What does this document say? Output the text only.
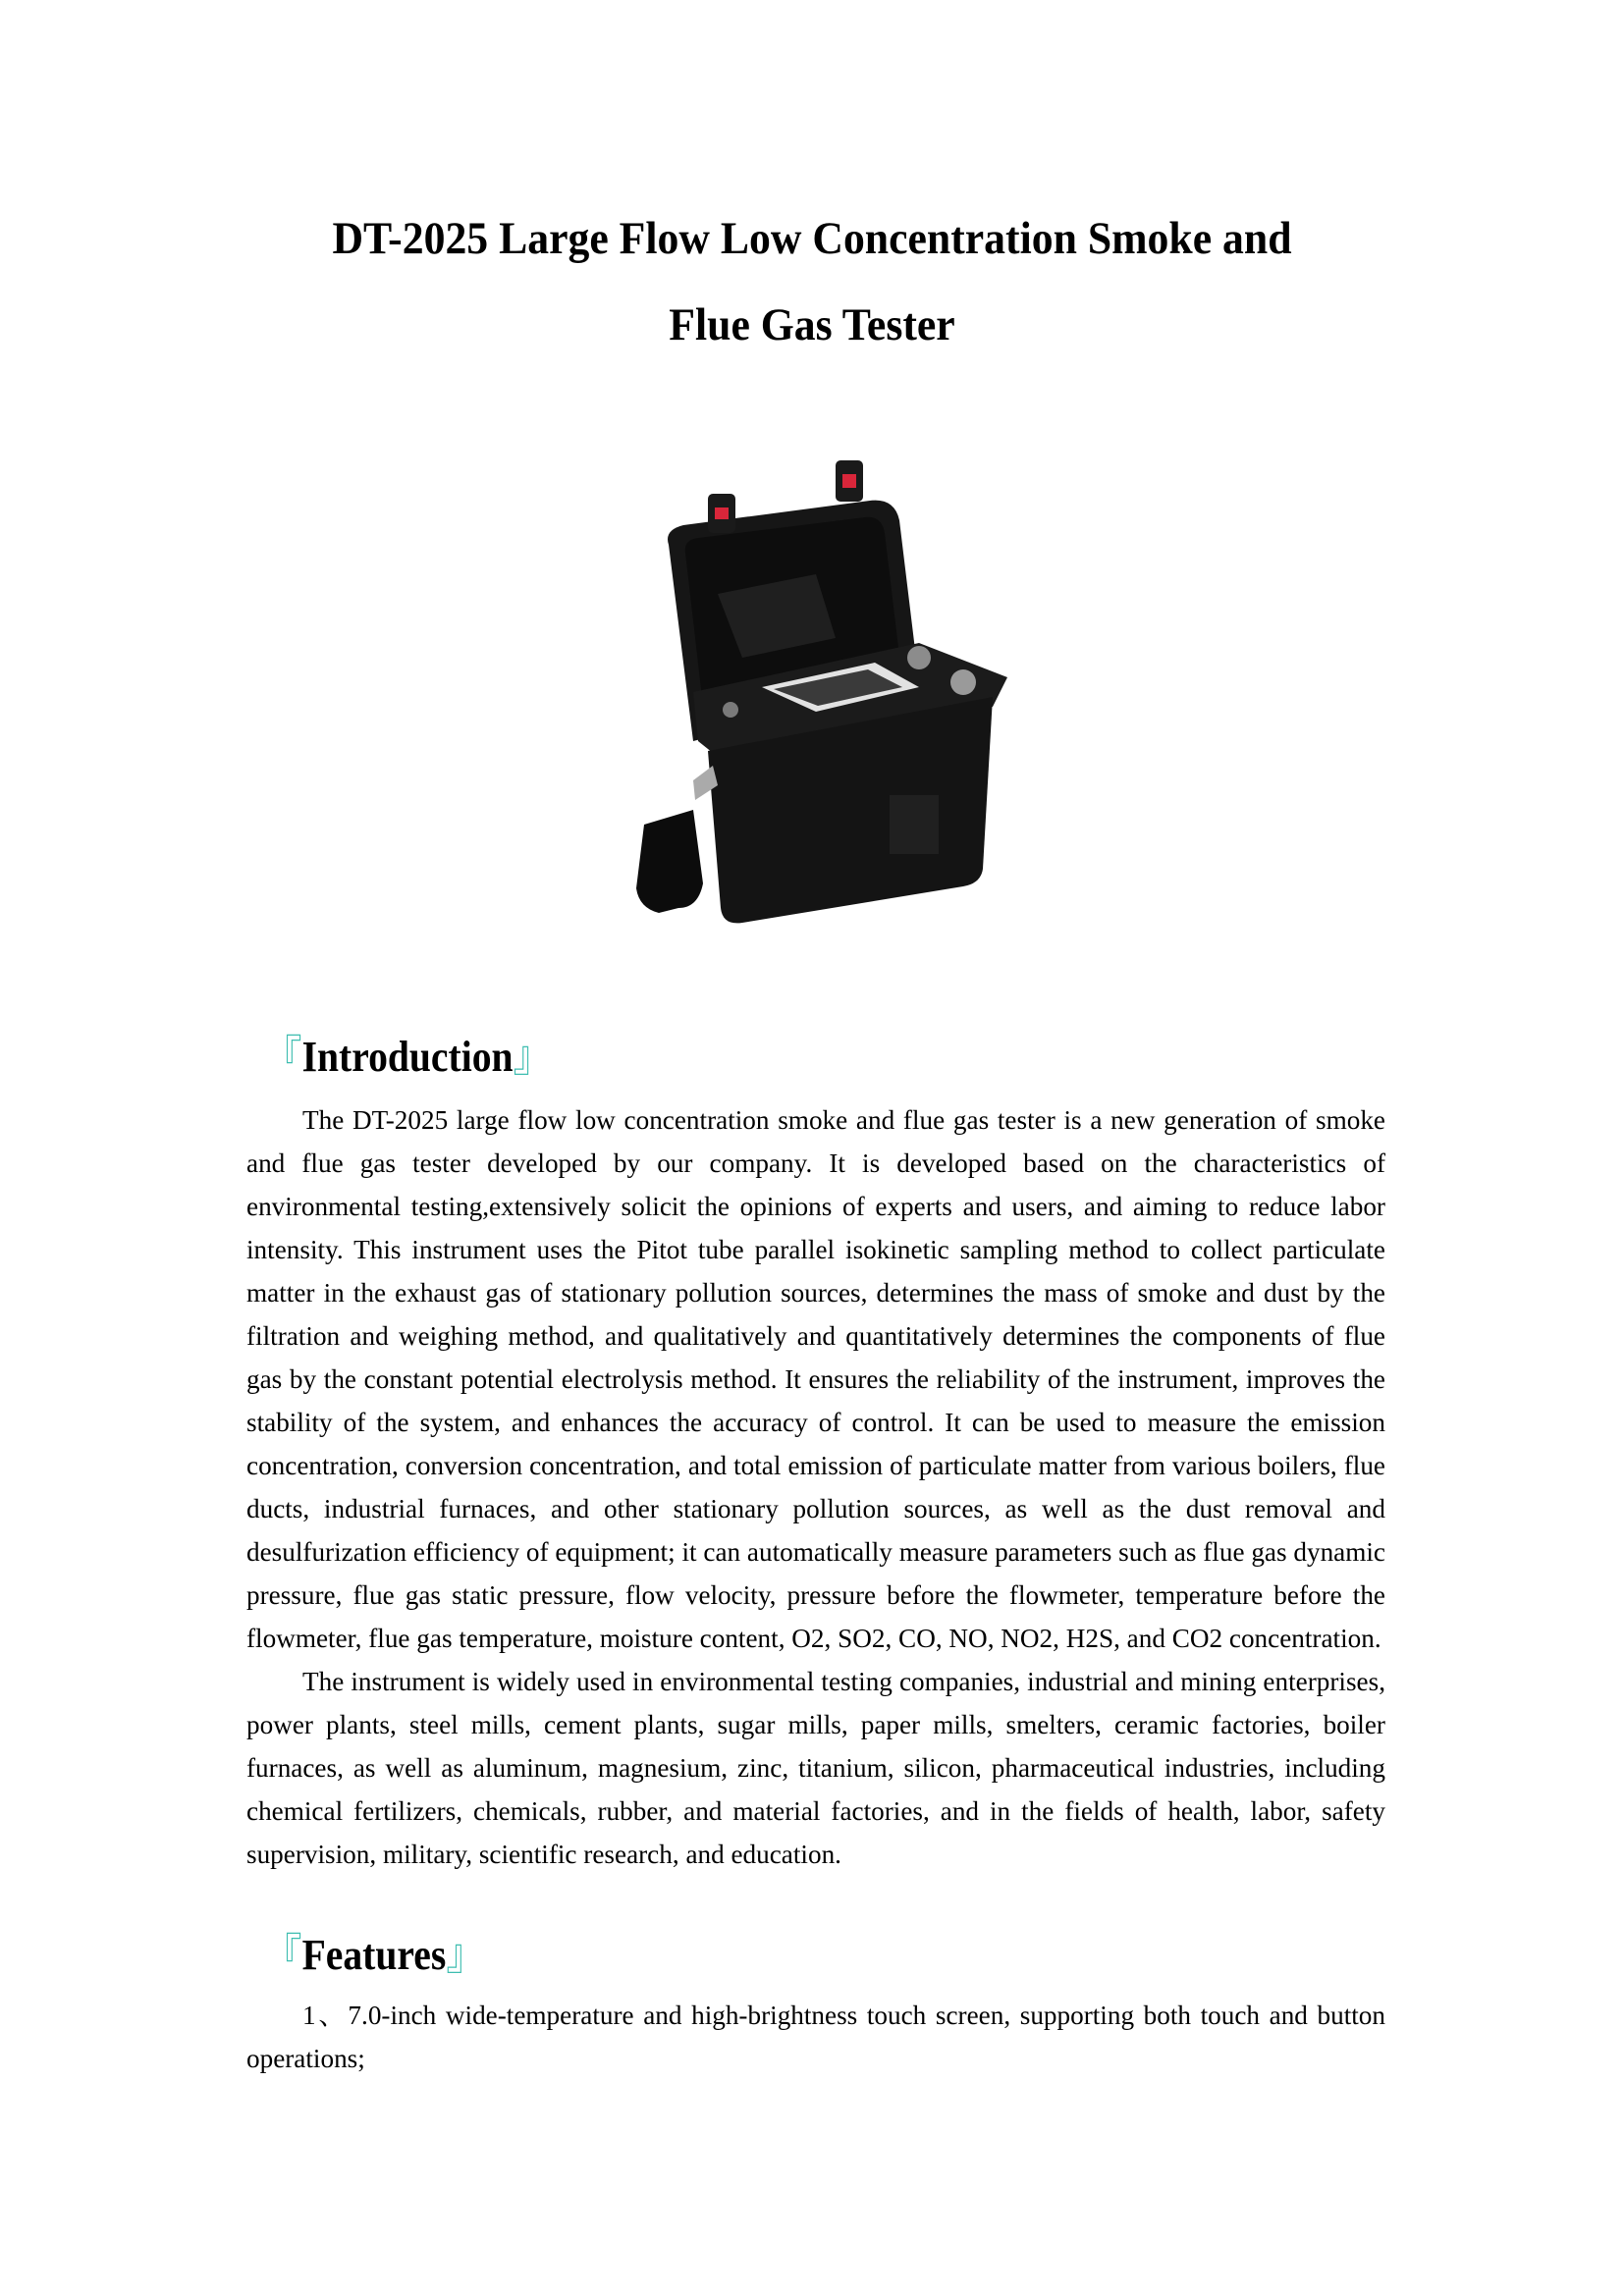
DT-2025 Large Flow Low Concentration Smoke and
Flue Gas Tester
『Introduction』

The DT-2025 large flow low concentration smoke and flue gas tester is a new generation of smoke and flue gas tester developed by our company. It is developed based on the characteristics of environmental testing,extensively solicit the opinions of experts and users, and aiming to reduce labor intensity. This instrument uses the Pitot tube parallel isokinetic sampling method to collect particulate matter in the exhaust gas of stationary pollution sources, determines the mass of smoke and dust by the filtration and weighing method, and qualitatively and quantitatively determines the components of flue gas by the constant potential electrolysis method. It ensures the reliability of the instrument, improves the stability of the system, and enhances the accuracy of control. It can be used to measure the emission concentration, conversion concentration, and total emission of particulate matter from various boilers, flue ducts, industrial furnaces, and other stationary pollution sources, as well as the dust removal and desulfurization efficiency of equipment; it can automatically measure parameters such as flue gas dynamic pressure, flue gas static pressure, flow velocity, pressure before the flowmeter, temperature before the flowmeter, flue gas temperature, moisture content, O2, SO2, CO, NO, NO2, H2S, and CO2 concentration.

The instrument is widely used in environmental testing companies, industrial and mining enterprises, power plants, steel mills, cement plants, sugar mills, paper mills, smelters, ceramic factories, boiler furnaces, as well as aluminum, magnesium, zinc, titanium, silicon, pharmaceutical industries, including chemical fertilizers, chemicals, rubber, and material factories, and in the fields of health, labor, safety supervision, military, scientific research, and education.

『Features』

1、7.0-inch wide-temperature and high-brightness touch screen, supporting both touch and button operations;
